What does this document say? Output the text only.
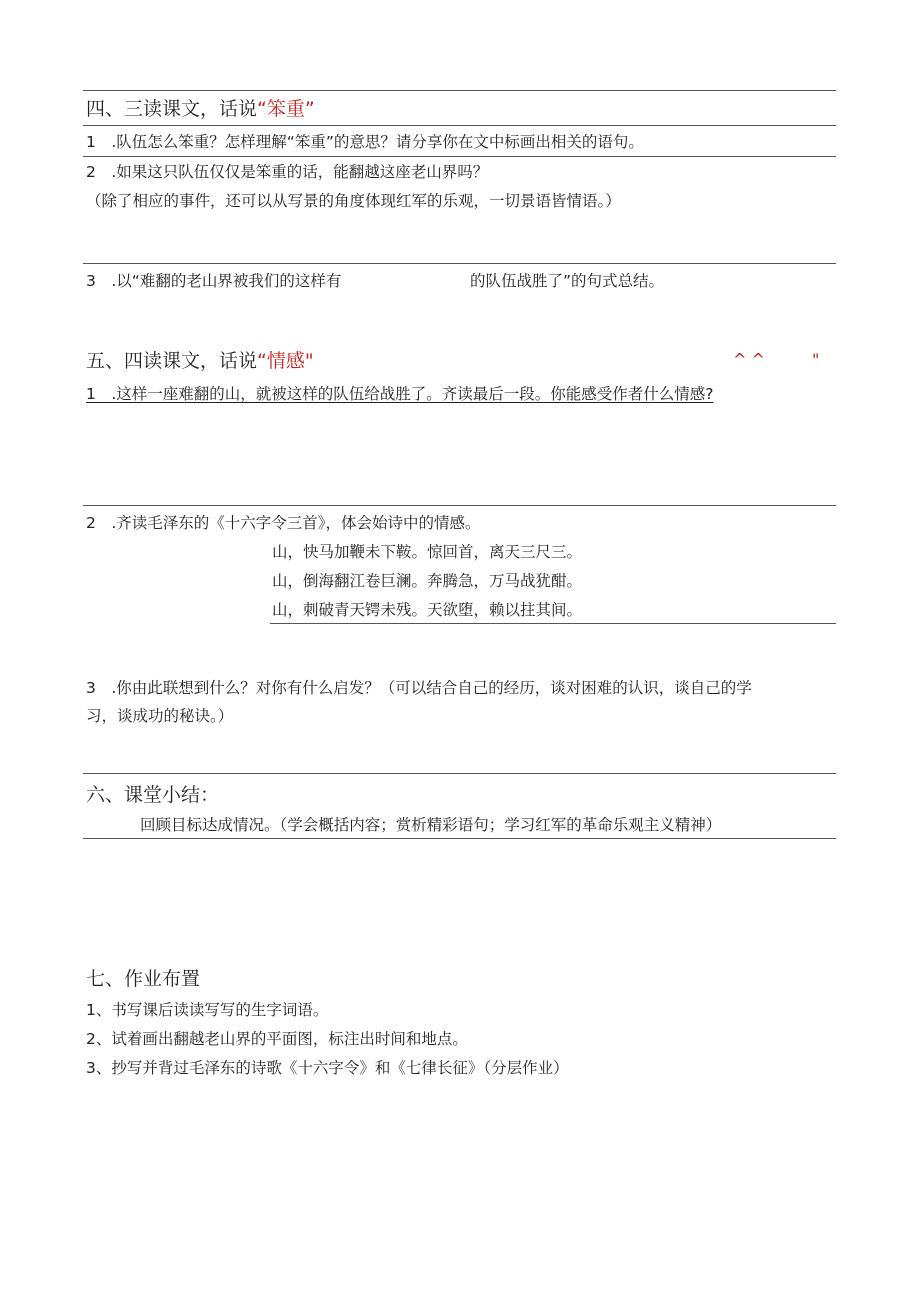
四、三读课文，话说“笨重”
1　.队伍怎么笨重？怎样理解“笨重”的意思？请分享你在文中标画出相关的语句。
2　.如果这只队伍仅仅是笨重的话，能翻越这座老山界吗？
（除了相应的事件，还可以从写景的角度体现红军的乐观，一切景语皆情语。）
3　.以“难翻的老山界被我们的这样有	的队伍战胜了”的句式总结。
五、四读课文，话说“情感"	^ ^	"
1　.这样一座难翻的山，就被这样的队伍给战胜了。齐读最后一段。你能感受作者什么情感?
2　.齐读毛泽东的《十六字令三首》，体会始诗中的情感。
山，快马加鞭未下鞍。惊回首，离天三尺三。
山，倒海翻江卷巨澜。奔腾急，万马战犹酣。
山，刺破青天锷未残。天欲堕，赖以拄其间。
3　.你由此联想到什么？对你有什么启发？（可以结合自己的经历，谈对困难的认识，谈自己的学
习，谈成功的秘诀。）
六、课堂小结：
回顾目标达成情况。（学会概括内容；赏析精彩语句；学习红军的革命乐观主义精神）
七、作业布置
1、书写课后读读写写的生字词语。
2、试着画出翻越老山界的平面图，标注出时间和地点。
3、抄写并背过毛泽东的诗歌《十六字令》和《七律长征》（分层作业）
